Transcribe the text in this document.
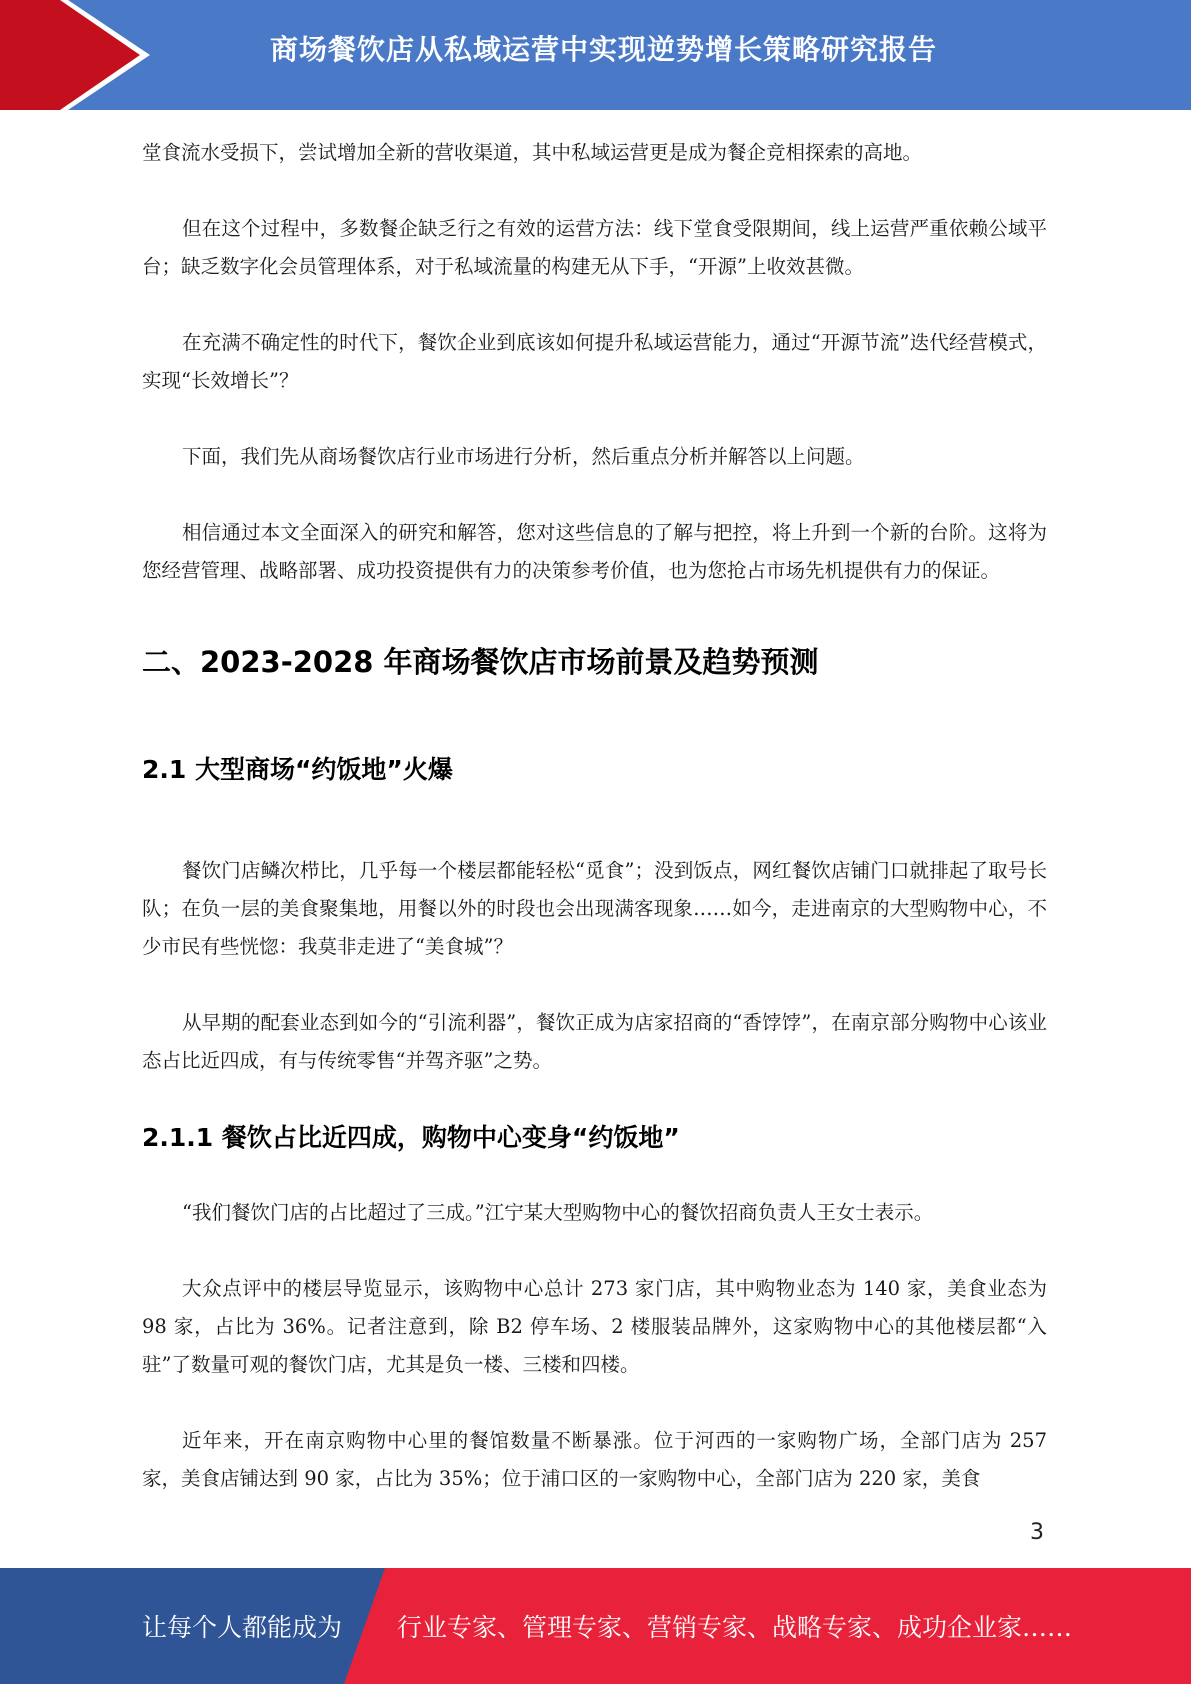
商场餐饮店从私域运营中实现逆势增长策略研究报告

堂食流水受损下，尝试增加全新的营收渠道，其中私域运营更是成为餐企竞相探索的高地。

但在这个过程中，多数餐企缺乏行之有效的运营方法：线下堂食受限期间，线上运营严重依赖公域平台；缺乏数字化会员管理体系，对于私域流量的构建无从下手，“开源”上收效甚微。

在充满不确定性的时代下，餐饮企业到底该如何提升私域运营能力，通过“开源节流”迭代经营模式，实现“长效增长”？

下面，我们先从商场餐饮店行业市场进行分析，然后重点分析并解答以上问题。

相信通过本文全面深入的研究和解答，您对这些信息的了解与把控，将上升到一个新的台阶。这将为您经营管理、战略部署、成功投资提供有力的决策参考价值，也为您抢占市场先机提供有力的保证。

二、2023-2028 年商场餐饮店市场前景及趋势预测
2.1 大型商场“约饭地”火爆

餐饮门店鳞次栉比，几乎每一个楼层都能轻松“觅食”；没到饭点，网红餐饮店铺门口就排起了取号长队；在负一层的美食聚集地，用餐以外的时段也会出现满客现象……如今，走进南京的大型购物中心，不少市民有些恍惚：我莫非走进了“美食城”？

从早期的配套业态到如今的“引流利器”，餐饮正成为店家招商的“香饽饽”，在南京部分购物中心该业态占比近四成，有与传统零售“并驾齐驱”之势。

2.1.1 餐饮占比近四成，购物中心变身“约饭地”

“我们餐饮门店的占比超过了三成。”江宁某大型购物中心的餐饮招商负责人王女士表示。

大众点评中的楼层导览显示，该购物中心总计 273 家门店，其中购物业态为 140 家，美食业态为 98 家，占比为 36%。记者注意到，除 B2 停车场、2 楼服装品牌外，这家购物中心的其他楼层都“入驻”了数量可观的餐饮门店，尤其是负一楼、三楼和四楼。

近年来，开在南京购物中心里的餐馆数量不断暴涨。位于河西的一家购物广场，全部门店为 257 家，美食店铺达到 90 家，占比为 35%；位于浦口区的一家购物中心，全部门店为 220 家，美食

3
让每个人都能成为 行业专家、管理专家、营销专家、战略专家、成功企业家……
